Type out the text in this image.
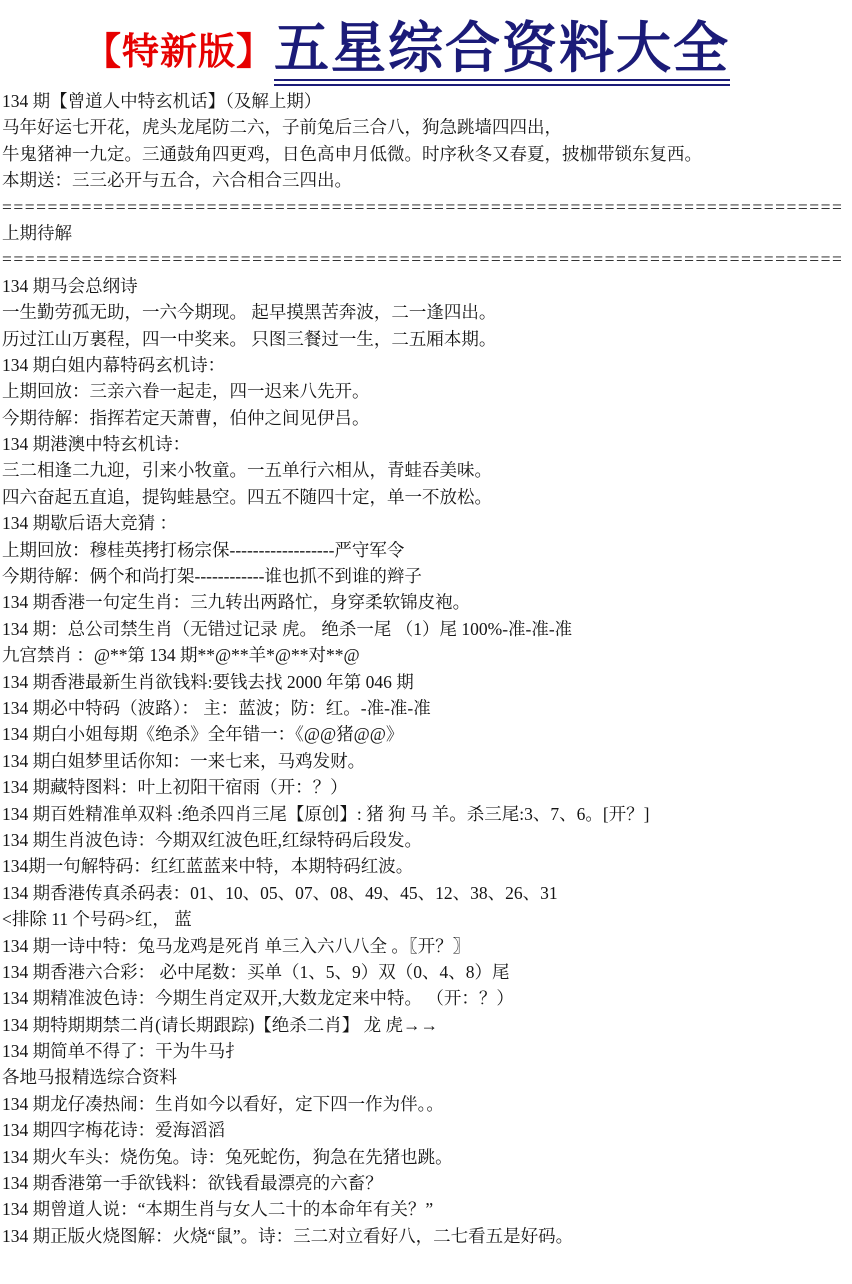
【特新版】 五星综合资料大全
134 期【曾道人中特玄机话】（及解上期）
马年好运七开花，虎头龙尾防二六，子前兔后三合八，狗急跳墙四四出，
牛鬼猪神一九定。三通鼓角四更鸡，日色高申月低微。时序秋冬又春夏，披枷带锁东复西。
本期送：三三必开与五合，六合相合三四出。
==========================================================================
上期待解
==========================================================================
134 期马会总纲诗
一生勤劳孤无助，一六今期现。 起早摸黑苦奔波，二一逢四出。
历过江山万裏程，四一中奖来。 只图三餐过一生，二五厢本期。
134 期白姐内幕特码玄机诗：
上期回放：三亲六眷一起走，四一迟来八先开。
今期待解：指挥若定天萧曹，伯仲之间见伊吕。
134 期港澳中特玄机诗：
三二相逢二九迎，引来小牧童。一五单行六相从，青蛙吞美味。
四六奋起五直追，提钩蛙悬空。四五不随四十定，单一不放松。
134 期歇后语大竞猜 ：
上期回放：穆桂英拷打杨宗保------------------严守军令
今期待解：俩个和尚打架------------谁也抓不到谁的辫子
134 期香港一句定生肖：三九转出两路忙，身穿柔软锦皮袍。
134 期：总公司禁生肖（无错过记录 虎。 绝杀一尾 （1）尾 100%-准-准-准
九宫禁肖 ：@**第 134 期**@**羊*@**对**@
134 期香港最新生肖欲钱料:要钱去找 2000 年第 046 期
134 期必中特码（波路）： 主：蓝波；防：红。-准-准-准
134 期白小姐每期《绝杀》全年错一：《@@猪@@》
134 期白姐梦里话你知：一来七来，马鸡发财。
134 期藏特图料：叶上初阳干宿雨（开：？）
134 期百姓精准单双料 :绝杀四肖三尾【原创】: 猪 狗 马 羊。杀三尾:3、7、6。[开？]
134 期生肖波色诗：今期双红波色旺,红绿特码后段发。
134期一句解特码：红红蓝蓝来中特，本期特码红波。
134 期香港传真杀码表：01、10、05、07、08、49、45、12、38、26、31
<排除 11 个号码>红， 蓝
134 期一诗中特：兔马龙鸡是死肖 单三入六八八全 。〖开？〗
134 期香港六合彩： 必中尾数：买单（1、5、9）双（0、4、8）尾
134 期精准波色诗：今期生肖定双开,大数龙定来中特。 （开：？）
134 期特期期禁二肖(请长期跟踪)【绝杀二肖】 龙 虎→→
134 期简单不得了：干为牛马扌
各地马报精选综合资料
134 期龙仔凑热闹：生肖如今以看好，定下四一作为伴。。
134 期四字梅花诗：爱海滔滔
134 期火车头：烧伤兔。诗：兔死蛇伤，狗急在先猪也跳。
134 期香港第一手欲钱料：欲钱看最漂亮的六畜？
134 期曾道人说：“本期生肖与女人二十的本命年有关？”
134 期正版火烧图解：火烧“鼠”。诗：三二对立看好八，二七看五是好码。
